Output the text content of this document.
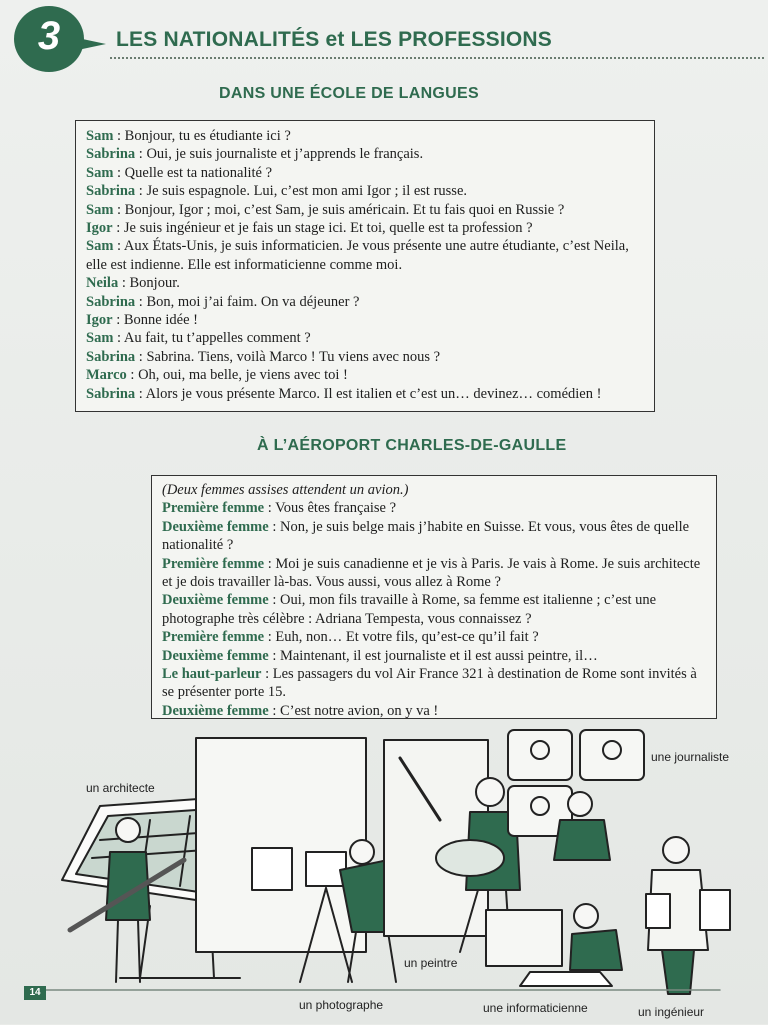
3	LES NATIONALITÉS et LES PROFESSIONS
DANS UNE ÉCOLE DE LANGUES

Sam : Bonjour, tu es étudiante ici ?

Sabrina : Oui, je suis journaliste et j’apprends le français.

Sam : Quelle est ta nationalité ?

Sabrina : Je suis espagnole. Lui, c’est mon ami Igor ; il est russe.

Sam : Bonjour, Igor ; moi, c’est Sam, je suis américain. Et tu fais quoi en Russie ?

Igor : Je suis ingénieur et je fais un stage ici. Et toi, quelle est ta profession ?

Sam : Aux États-Unis, je suis informaticien. Je vous présente une autre étudiante, c’est Neila, elle est indienne. Elle est informaticienne comme moi.

Neila : Bonjour.

Sabrina : Bon, moi j’ai faim. On va déjeuner ?

Igor : Bonne idée !

Sam : Au fait, tu t’appelles comment ?

Sabrina : Sabrina. Tiens, voilà Marco ! Tu viens avec nous ?

Marco : Oh, oui, ma belle, je viens avec toi !

Sabrina : Alors je vous présente Marco. Il est italien et c’est un… devinez… comédien !

À L’AÉROPORT CHARLES-DE-GAULLE

(Deux femmes assises attendent un avion.)

Première femme : Vous êtes française ?

Deuxième femme : Non, je suis belge mais j’habite en Suisse. Et vous, vous êtes de quelle nationalité ?

Première femme : Moi je suis canadienne et je vis à Paris. Je vais à Rome. Je suis architecte et je dois travailler là-bas. Vous aussi, vous allez à Rome ?

Deuxième femme : Oui, mon fils travaille à Rome, sa femme est italienne ; c’est une photographe très célèbre : Adriana Tempesta, vous connaissez ?

Première femme : Euh, non… Et votre fils, qu’est-ce qu’il fait ?

Deuxième femme : Maintenant, il est journaliste et il est aussi peintre, il…

Le haut-parleur : Les passagers du vol Air France 321 à destination de Rome sont invités à se présenter porte 15.

Deuxième femme : C’est notre avion, on y va !

un architecte
une journaliste
un peintre
un photographe	une informaticienne	un ingénieur
14
